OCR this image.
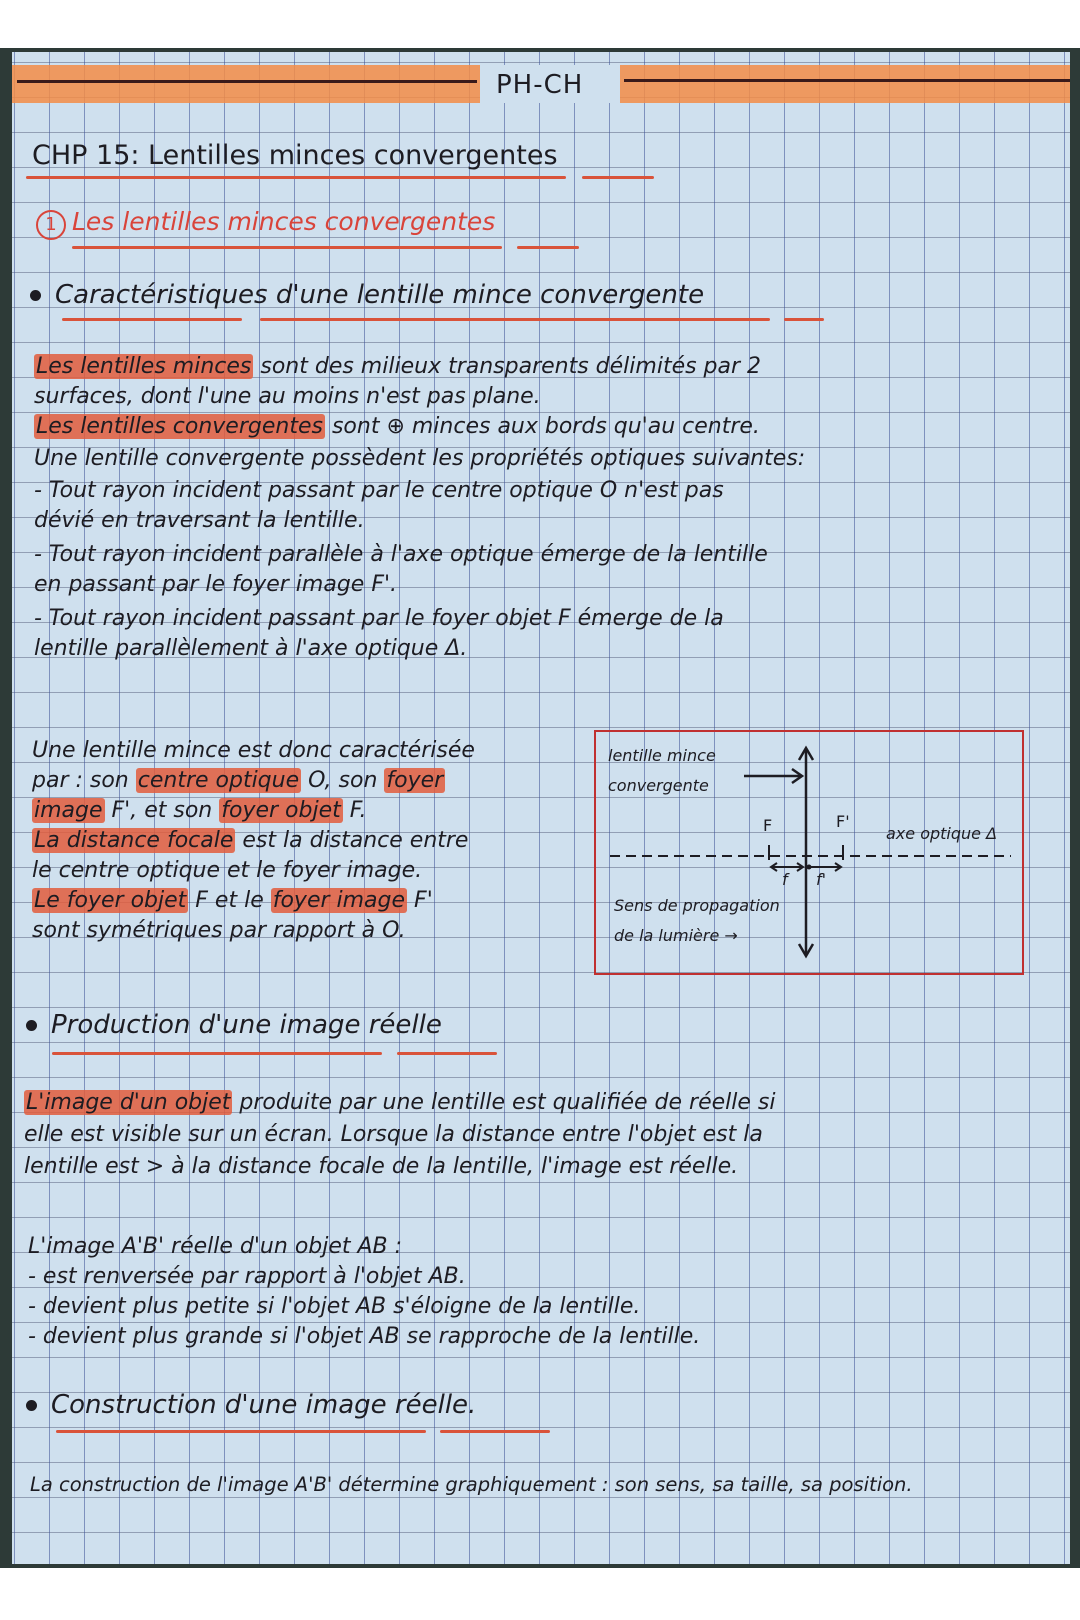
PH-CH
CHP 15: Lentilles minces convergentes
1 Les lentilles minces convergentes
Caractéristiques d'une lentille mince convergente
Les lentilles minces sont des milieux transparents délimités par 2
surfaces, dont l'une au moins n'est pas plane.
Les lentilles convergentes sont ⊕ minces aux bords qu'au centre.
Une lentille convergente possèdent les propriétés optiques suivantes:
- Tout rayon incident passant par le centre optique O n'est pas
dévié en traversant la lentille.
- Tout rayon incident parallèle à l'axe optique émerge de la lentille
en passant par le foyer image F'.
- Tout rayon incident passant par le foyer objet F émerge de la
lentille parallèlement à l'axe optique Δ.
Une lentille mince est donc caractérisée
par : son centre optique O, son foyer
image F', et son foyer objet F.
La distance focale est la distance entre
le centre optique et le foyer image.
Le foyer objet F et le foyer image F'
sont symétriques par rapport à O.
lentille mince
convergente
F	F'
axe optique Δ
f f'
Sens de propagation
de la lumière →
Production d'une image réelle
L'image d'un objet produite par une lentille est qualifiée de réelle si
elle est visible sur un écran. Lorsque la distance entre l'objet est la
lentille est > à la distance focale de la lentille, l'image est réelle.
L'image A'B' réelle d'un objet AB :
- est renversée par rapport à l'objet AB.
- devient plus petite si l'objet AB s'éloigne de la lentille.
- devient plus grande si l'objet AB se rapproche de la lentille.
Construction d'une image réelle.
La construction de l'image A'B' détermine graphiquement : son sens, sa taille, sa position.
